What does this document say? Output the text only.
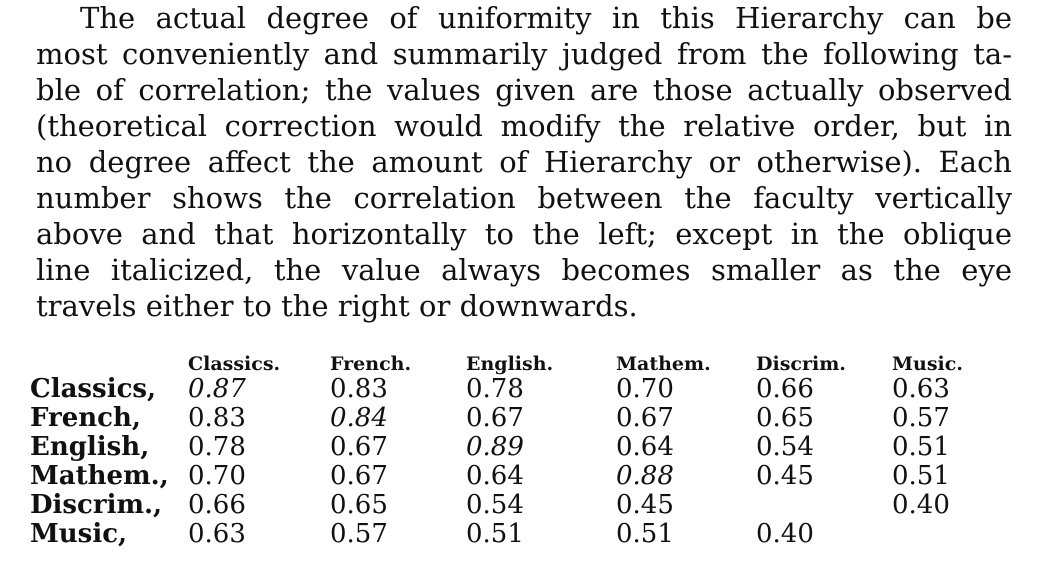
The actual degree of uniformity in this Hierarchy can be
most conveniently and summarily judged from the following ta-
ble of correlation; the values given are those actually observed
(theoretical correction would modify the relative order, but in
no degree affect the amount of Hierarchy or otherwise). Each
number shows the correlation between the faculty vertically
above and that horizontally to the left; except in the oblique
line italicized, the value always becomes smaller as the eye
travels either to the right or downwards.
	Classics.	French.	English.	Mathem.	Discrim.	Music.
Classics,	0.87	0.83	0.78	0.70	0.66	0.63
French,	0.83	0.84	0.67	0.67	0.65	0.57
English,	0.78	0.67	0.89	0.64	0.54	0.51
Mathem.,	0.70	0.67	0.64	0.88	0.45	0.51
Discrim.,	0.66	0.65	0.54	0.45		0.40
Music,	0.63	0.57	0.51	0.51	0.40	
